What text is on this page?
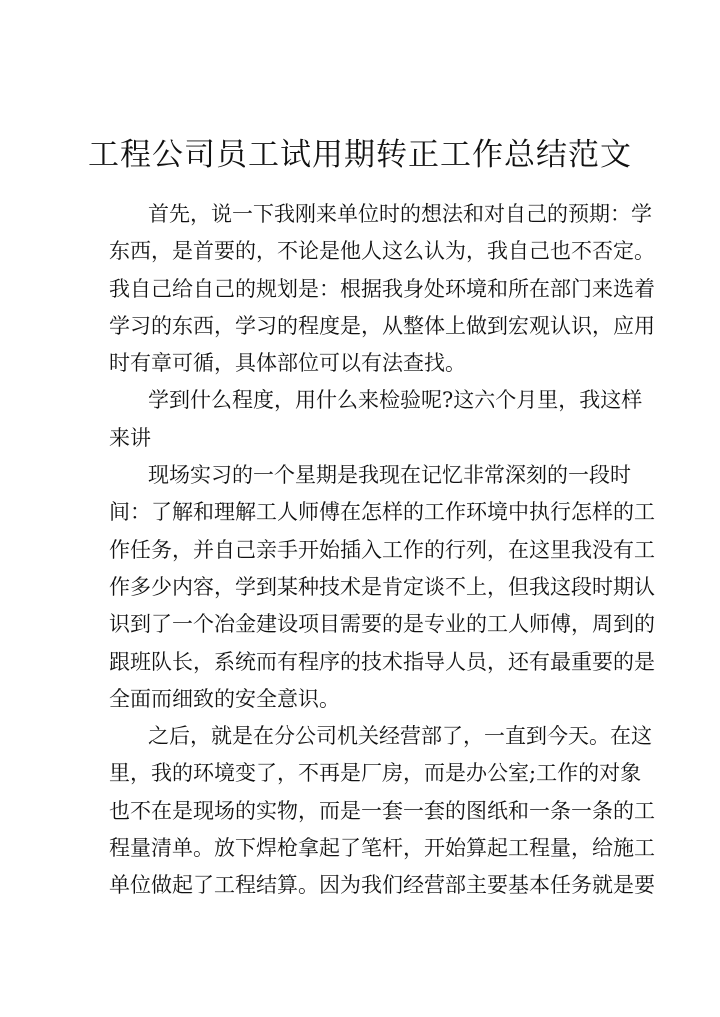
工程公司员工试用期转正工作总结范文
首先，说一下我刚来单位时的想法和对自己的预期：学
东西，是首要的，不论是他人这么认为，我自己也不否定。
我自己给自己的规划是：根据我身处环境和所在部门来选着
学习的东西，学习的程度是，从整体上做到宏观认识，应用
时有章可循，具体部位可以有法查找。
学到什么程度，用什么来检验呢?这六个月里，我这样
来讲
现场实习的一个星期是我现在记忆非常深刻的一段时
间：了解和理解工人师傅在怎样的工作环境中执行怎样的工
作任务，并自己亲手开始插入工作的行列，在这里我没有工
作多少内容，学到某种技术是肯定谈不上，但我这段时期认
识到了一个冶金建设项目需要的是专业的工人师傅，周到的
跟班队长，系统而有程序的技术指导人员，还有最重要的是
全面而细致的安全意识。
之后，就是在分公司机关经营部了，一直到今天。在这
里，我的环境变了，不再是厂房，而是办公室;工作的对象
也不在是现场的实物，而是一套一套的图纸和一条一条的工
程量清单。放下焊枪拿起了笔杆，开始算起工程量，给施工
单位做起了工程结算。因为我们经营部主要基本任务就是要
